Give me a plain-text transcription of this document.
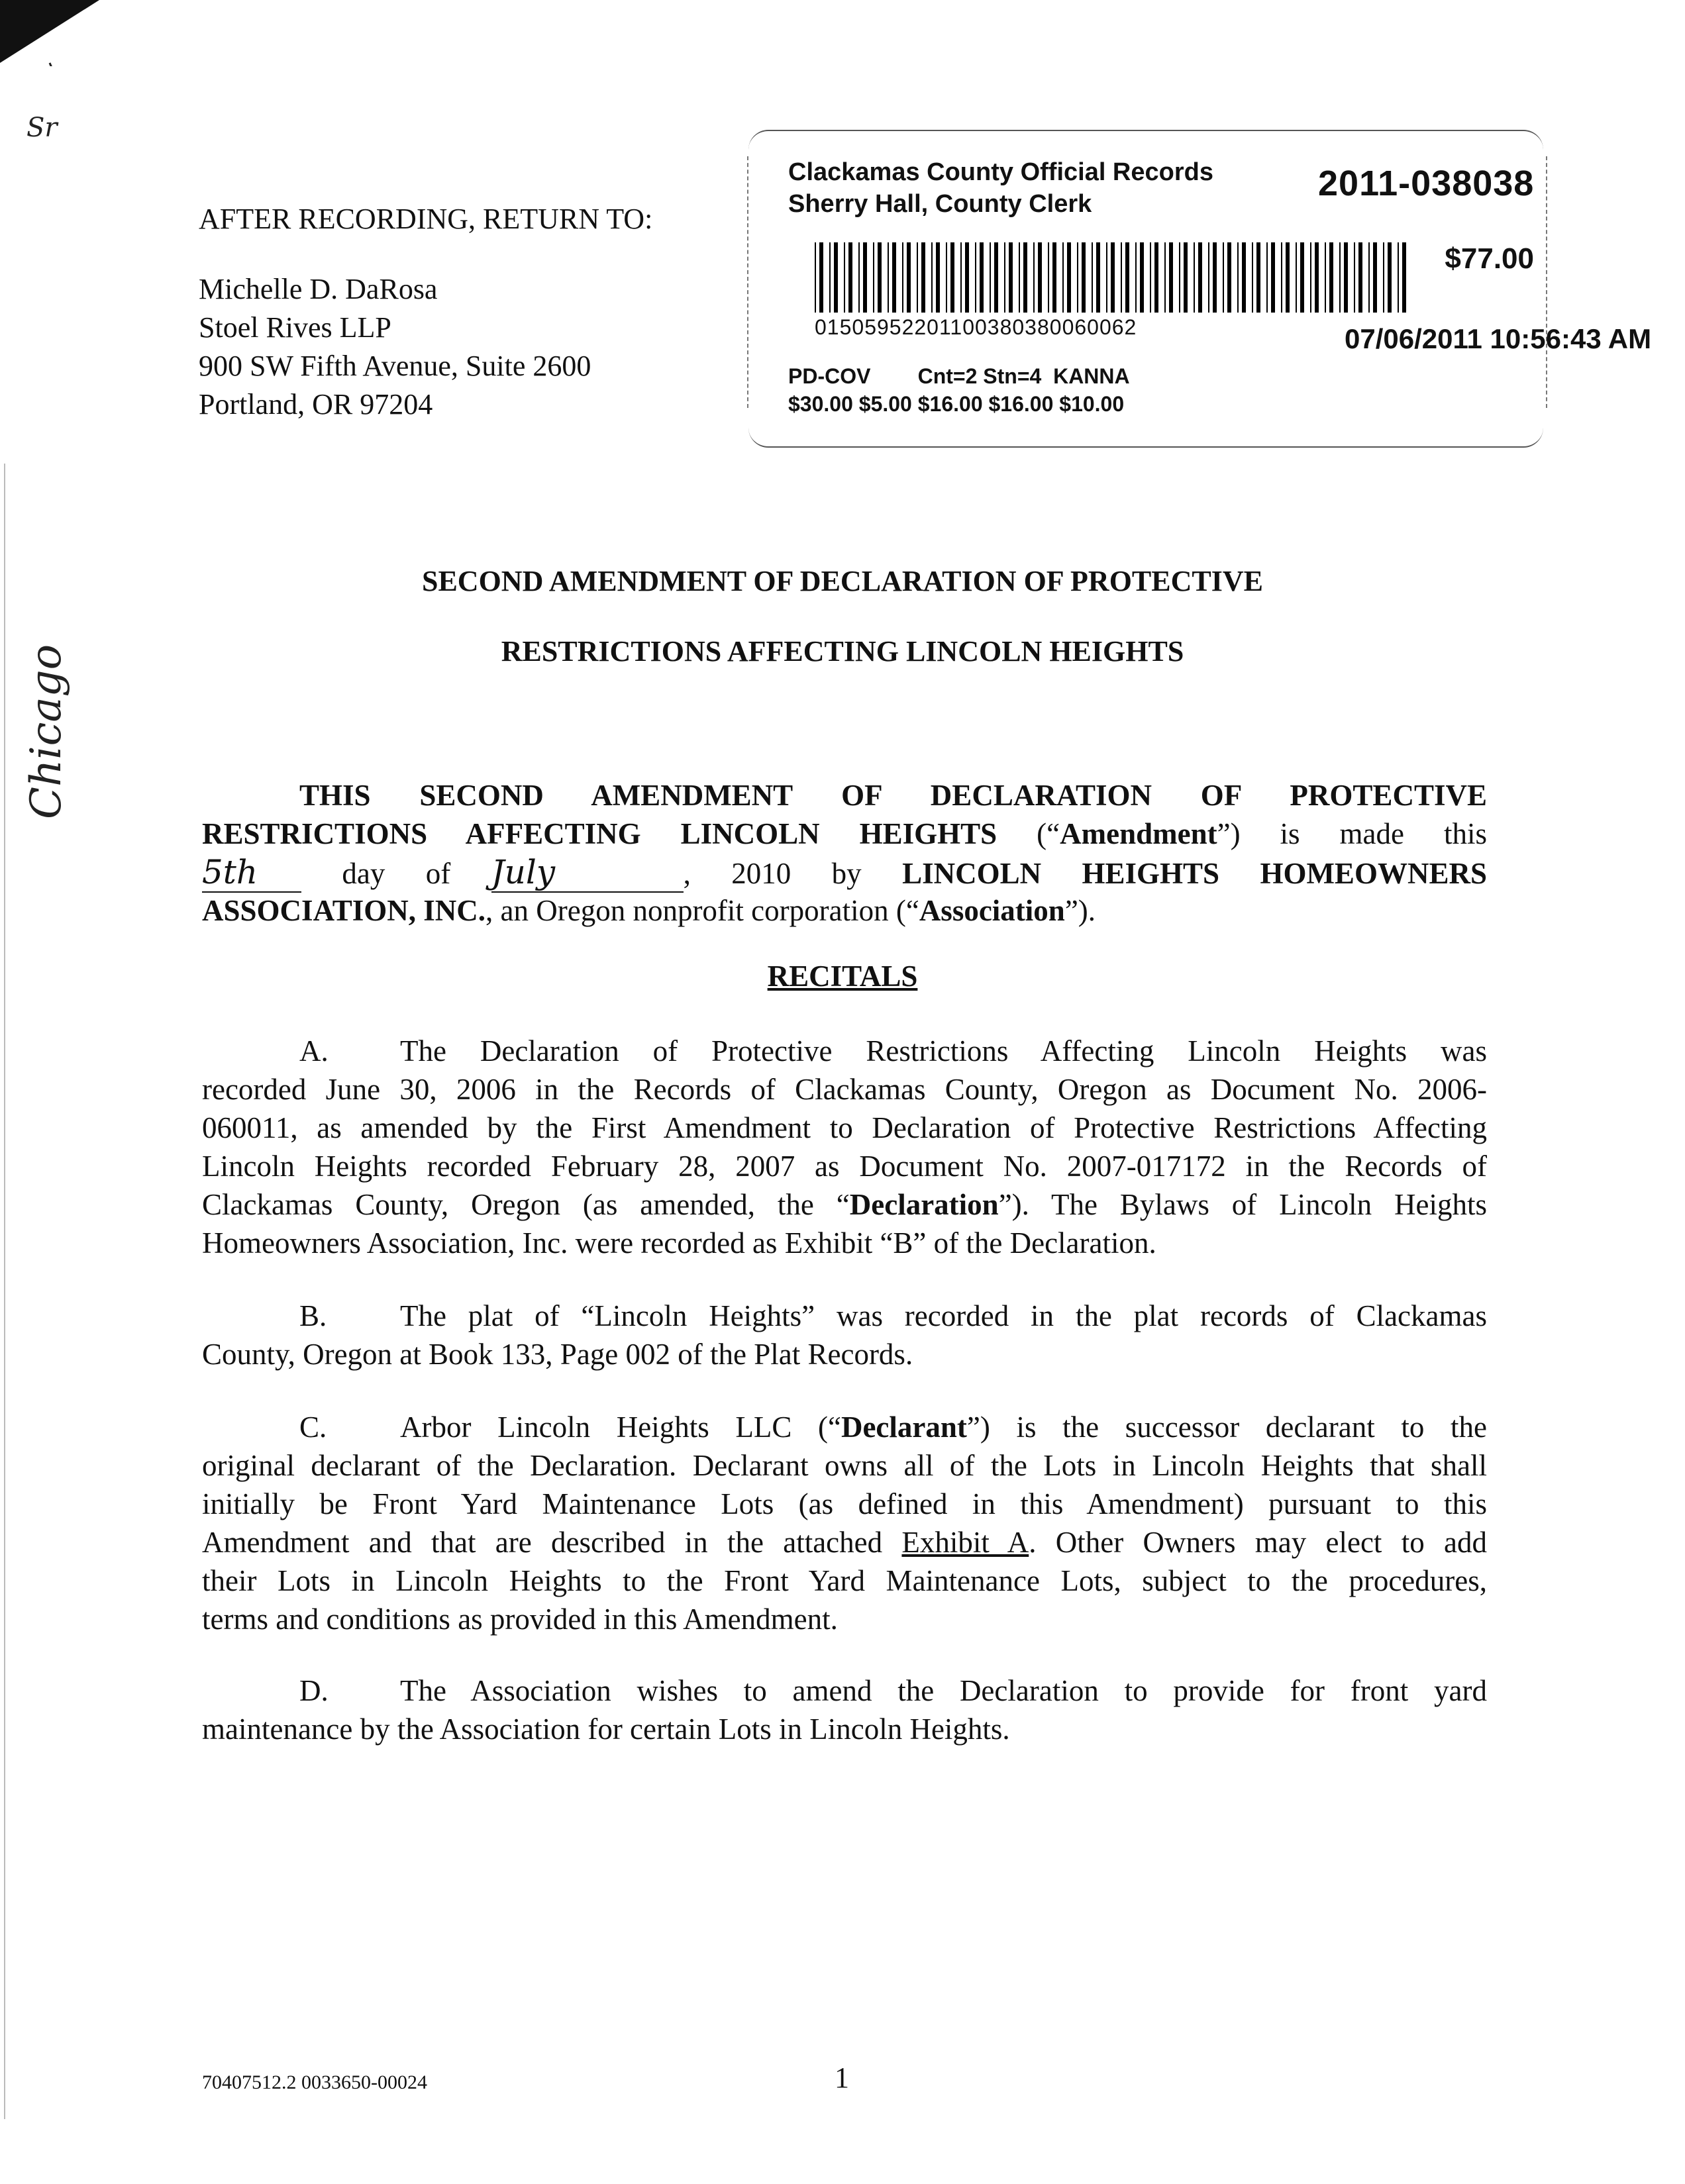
Sr
Chicago
AFTER RECORDING, RETURN TO:
Michelle D. DaRosa
Stoel Rives LLP
900 SW Fifth Avenue, Suite 2600
Portland, OR 97204
Clackamas County Official Records
Sherry Hall, County Clerk
2011-038038
$77.00
01505952201100380380060062	07/06/2011 10:56:43 AM
PD-COV Cnt=2 Stn=4  KANNA
$30.00 $5.00 $16.00 $16.00 $10.00
SECOND AMENDMENT OF DECLARATION OF PROTECTIVE
RESTRICTIONS AFFECTING LINCOLN HEIGHTS
THIS SECOND AMENDMENT OF DECLARATION OF PROTECTIVE
RESTRICTIONS AFFECTING LINCOLN HEIGHTS (“Amendment”) is made this
5th day of July	, 2010 by LINCOLN HEIGHTS HOMEOWNERS
ASSOCIATION, INC., an Oregon nonprofit corporation (“Association”).
RECITALS
A. The Declaration of Protective Restrictions Affecting Lincoln Heights was
recorded June 30, 2006 in the Records of Clackamas County, Oregon as Document No. 2006-
060011, as amended by the First Amendment to Declaration of Protective Restrictions Affecting
Lincoln Heights recorded February 28, 2007 as Document No. 2007-017172 in the Records of
Clackamas County, Oregon (as amended, the “Declaration”). The Bylaws of Lincoln Heights
Homeowners Association, Inc. were recorded as Exhibit “B” of the Declaration.
B. The plat of “Lincoln Heights” was recorded in the plat records of Clackamas
County, Oregon at Book 133, Page 002 of the Plat Records.
C. Arbor Lincoln Heights LLC (“Declarant”) is the successor declarant to the
original declarant of the Declaration. Declarant owns all of the Lots in Lincoln Heights that shall
initially be Front Yard Maintenance Lots (as defined in this Amendment) pursuant to this
Amendment and that are described in the attached Exhibit A. Other Owners may elect to add
their Lots in Lincoln Heights to the Front Yard Maintenance Lots, subject to the procedures,
terms and conditions as provided in this Amendment.
D. The Association wishes to amend the Declaration to provide for front yard
maintenance by the Association for certain Lots in Lincoln Heights.
70407512.2 0033650-00024	1
